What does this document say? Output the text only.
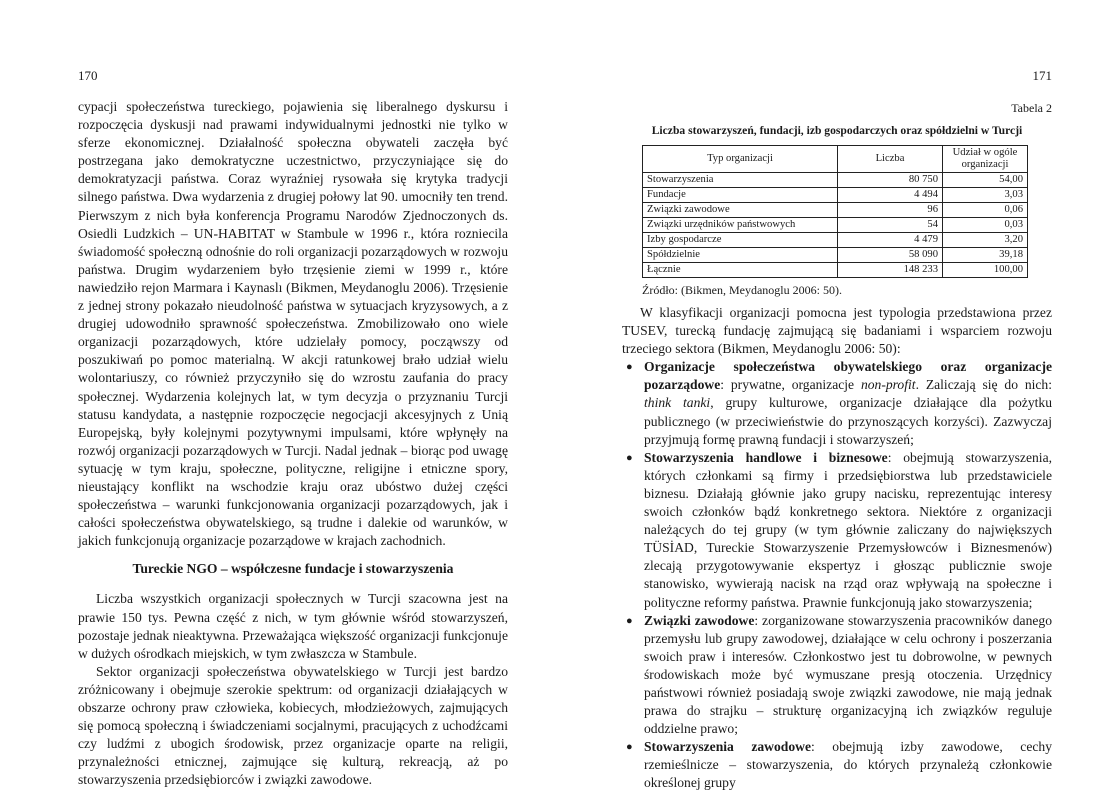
170

cypacji społeczeństwa tureckiego, pojawienia się liberalnego dyskursu i rozpoczęcia dyskusji nad prawami indywidualnymi jednostki nie tylko w sferze ekonomicznej. Działalność społeczna obywateli zaczęła być postrzegana jako demokratyczne uczestnictwo, przyczyniające się do demokratyzacji państwa. Coraz wyraźniej rysowała się krytyka tradycji silnego państwa. Dwa wydarzenia z drugiej połowy lat 90. umocniły ten trend. Pierwszym z nich była konferencja Programu Narodów Zjednoczonych ds. Osiedli Ludzkich – UN-HABITAT w Stambule w 1996 r., która rozniecila świadomość społeczną odnośnie do roli organizacji pozarządowych w rozwoju państwa. Drugim wydarzeniem było trzęsienie ziemi w 1999 r., które nawiedziło rejon Marmara i Kaynaslı (Bikmen, Meydanoglu 2006). Trzęsienie z jednej strony pokazało nieudolność państwa w sytuacjach kryzysowych, a z drugiej udowodniło sprawność społeczeństwa. Zmobilizowało ono wiele organizacji pozarządowych, które udzielały pomocy, począwszy od poszukiwań po pomoc materialną. W akcji ratunkowej brało udział wielu wolontariuszy, co również przyczyniło się do wzrostu zaufania do pracy społecznej. Wydarzenia kolejnych lat, w tym decyzja o przyznaniu Turcji statusu kandydata, a następnie rozpoczęcie negocjacji akcesyjnych z Unią Europejską, były kolejnymi pozytywnymi impulsami, które wpłynęły na rozwój organizacji pozarządowych w Turcji. Nadal jednak – biorąc pod uwagę sytuację w tym kraju, społeczne, polityczne, religijne i etniczne spory, nieustający konflikt na wschodzie kraju oraz ubóstwo dużej części społeczeństwa – warunki funkcjonowania organizacji pozarządowych, jak i całości społeczeństwa obywatelskiego, są trudne i dalekie od warunków, w jakich funkcjonują organizacje pozarządowe w krajach zachodnich.

Tureckie NGO – współczesne fundacje i stowarzyszenia

Liczba wszystkich organizacji społecznych w Turcji szacowna jest na prawie 150 tys. Pewna część z nich, w tym głównie wśród stowarzyszeń, pozostaje jednak nieaktywna. Przeważająca większość organizacji funkcjonuje w dużych ośrodkach miejskich, w tym zwłaszcza w Stambule.

Sektor organizacji społeczeństwa obywatelskiego w Turcji jest bardzo zróżnicowany i obejmuje szerokie spektrum: od organizacji działających w obszarze ochrony praw człowieka, kobiecych, młodzieżowych, zajmujących się pomocą społeczną i świadczeniami socjalnymi, pracujących z uchodźcami czy ludźmi z ubogich środowisk, przez organizacje oparte na religii, przynależności etnicznej, zajmujące się kulturą, rekreacją, aż po stowarzyszenia przedsiębiorców i związki zawodowe.

171
Tabela 2
Liczba stowarzyszeń, fundacji, izb gospodarczych oraz spółdzielni w Turcji
Typ organizacji	Liczba	Udział w ogóle organizacji
Stowarzyszenia	80 750	54,00
Fundacje	4 494	3,03
Związki zawodowe	96	0,06
Związki urzędników państwowych	54	0,03
Izby gospodarcze	4 479	3,20
Spółdzielnie	58 090	39,18
Łącznie	148 233	100,00
Źródło: (Bikmen, Meydanoglu 2006: 50).

W klasyfikacji organizacji pomocna jest typologia przedstawiona przez TUSEV, turecką fundację zajmującą się badaniami i wsparciem rozwoju trzeciego sektora (Bikmen, Meydanoglu 2006: 50):

● Organizacje społeczeństwa obywatelskiego oraz organizacje pozarządowe: prywatne, organizacje non-profit. Zaliczają się do nich: think tanki, grupy kulturowe, organizacje działające dla pożytku publicznego (w przeciwieństwie do przynoszących korzyści). Zazwyczaj przyjmują formę prawną fundacji i stowarzyszeń;
● Stowarzyszenia handlowe i biznesowe: obejmują stowarzyszenia, których członkami są firmy i przedsiębiorstwa lub przedstawiciele biznesu. Działają głównie jako grupy nacisku, reprezentując interesy swoich członków bądź konkretnego sektora. Niektóre z organizacji należących do tej grupy (w tym głównie zaliczany do największych TÜSİAD, Tureckie Stowarzyszenie Przemysłowców i Biznesmenów) zlecają przygotowywanie ekspertyz i głosząc publicznie swoje stanowisko, wywierają nacisk na rząd oraz wpływają na społeczne i polityczne reformy państwa. Prawnie funkcjonują jako stowarzyszenia;
● Związki zawodowe: zorganizowane stowarzyszenia pracowników danego przemysłu lub grupy zawodowej, działające w celu ochrony i poszerzania swoich praw i interesów. Członkostwo jest tu dobrowolne, w pewnych środowiskach może być wymuszane presją otoczenia. Urzędnicy państwowi również posiadają swoje związki zawodowe, nie mają jednak prawa do strajku – strukturę organizacyjną ich związków reguluje oddzielne prawo;
● Stowarzyszenia zawodowe: obejmują izby zawodowe, cechy rzemieślnicze – stowarzyszenia, do których przynależą członkowie określonej grupy
